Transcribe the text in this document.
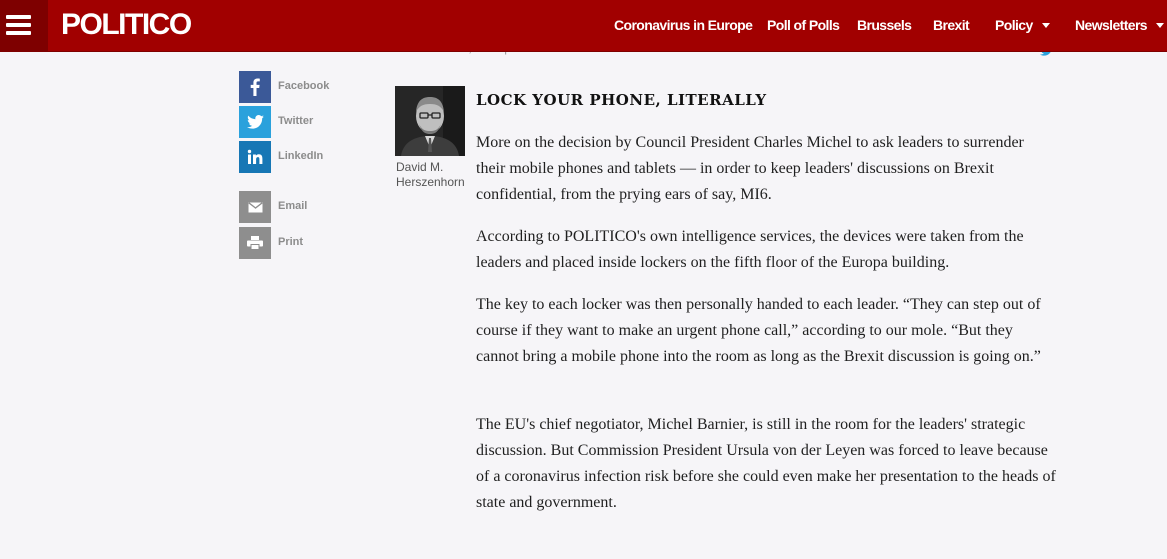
POLITICO	Coronavirus in Europe Poll of Polls Brussels Brexit Policy	Newsletters
Facebook
Twitter
LinkedIn
Email
Print
David M.
Herszenhorn
LOCK YOUR PHONE, LITERALLY

More on the decision by Council President Charles Michel to ask leaders to surrender their mobile phones and tablets — in order to keep leaders' discussions on Brexit confidential, from the prying ears of say, MI6.

According to POLITICO's own intelligence services, the devices were taken from the leaders and placed inside lockers on the fifth floor of the Europa building.

The key to each locker was then personally handed to each leader. “They can step out of course if they want to make an urgent phone call,” according to our mole. “But they cannot bring a mobile phone into the room as long as the Brexit discussion is going on.”

The EU's chief negotiator, Michel Barnier, is still in the room for the leaders' strategic discussion. But Commission President Ursula von der Leyen was forced to leave because of a coronavirus infection risk before she could even make her presentation to the heads of state and government.
